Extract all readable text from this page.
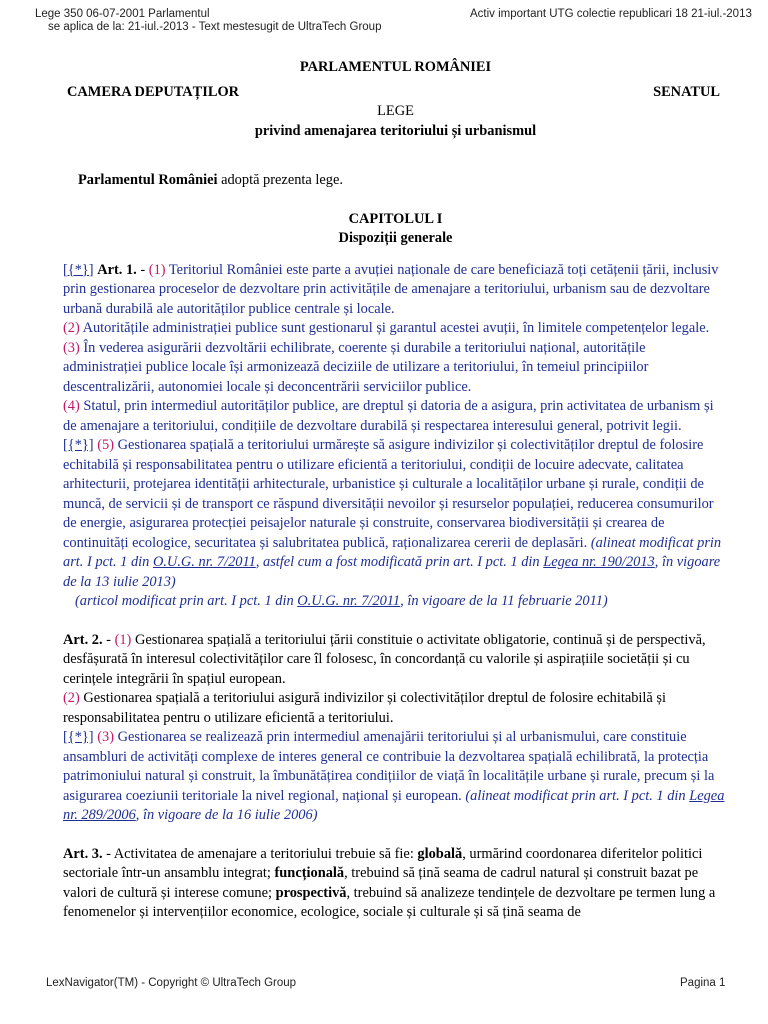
Lege 350 06-07-2001 Parlamentul
se aplica de la: 21-iul.-2013 - Text mestesugit de UltraTech Group
Activ important UTG colectie republicari 18 21-iul.-2013

PARLAMENTUL ROMÂNIEI

CAMERA DEPUTAȚILOR	SENATUL

LEGE

privind amenajarea teritoriului și urbanismul

Parlamentul României adoptă prezenta lege.

CAPITOLUL I

Dispoziții generale

[{*}] Art. 1. - (1) Teritoriul României este parte a avuției naționale de care beneficiază toți cetățenii țării, inclusiv prin gestionarea proceselor de dezvoltare prin activitățile de amenajare a teritoriului, urbanism sau de dezvoltare urbană durabilă ale autorităților publice centrale și locale.

(2) Autoritățile administrației publice sunt gestionarul și garantul acestei avuții, în limitele competențelor legale.

(3) În vederea asigurării dezvoltării echilibrate, coerente și durabile a teritoriului național, autoritățile administrației publice locale își armonizează deciziile de utilizare a teritoriului, în temeiul principiilor descentralizării, autonomiei locale și deconcentrării serviciilor publice.

(4) Statul, prin intermediul autorităților publice, are dreptul și datoria de a asigura, prin activitatea de urbanism și de amenajare a teritoriului, condițiile de dezvoltare durabilă și respectarea interesului general, potrivit legii.

[{*}] (5) Gestionarea spațială a teritoriului urmărește să asigure indivizilor și colectivităților dreptul de folosire echitabilă și responsabilitatea pentru o utilizare eficientă a teritoriului, condiții de locuire adecvate, calitatea arhitecturii, protejarea identității arhitecturale, urbanistice și culturale a localităților urbane și rurale, condiții de muncă, de servicii și de transport ce răspund diversității nevoilor și resurselor populației, reducerea consumurilor de energie, asigurarea protecției peisajelor naturale și construite, conservarea biodiversității și crearea de continuități ecologice, securitatea și salubritatea publică, raționalizarea cererii de deplasări. (alineat modificat prin art. I pct. 1 din O.U.G. nr. 7/2011, astfel cum a fost modificată prin art. I pct. 1 din Legea nr. 190/2013, în vigoare de la 13 iulie 2013)

(articol modificat prin art. I pct. 1 din O.U.G. nr. 7/2011, în vigoare de la 11 februarie 2011)

Art. 2. - (1) Gestionarea spațială a teritoriului țării constituie o activitate obligatorie, continuă și de perspectivă, desfășurată în interesul colectivităților care îl folosesc, în concordanță cu valorile și aspirațiile societății și cu cerințele integrării în spațiul european.

(2) Gestionarea spațială a teritoriului asigură indivizilor și colectivităților dreptul de folosire echitabilă și responsabilitatea pentru o utilizare eficientă a teritoriului.

[{*}] (3) Gestionarea se realizează prin intermediul amenajării teritoriului și al urbanismului, care constituie ansambluri de activități complexe de interes general ce contribuie la dezvoltarea spațială echilibrată, la protecția patrimoniului natural și construit, la îmbunătățirea condițiilor de viață în localitățile urbane și rurale, precum și la asigurarea coeziunii teritoriale la nivel regional, național și european. (alineat modificat prin art. I pct. 1 din Legea nr. 289/2006, în vigoare de la 16 iulie 2006)

Art. 3. - Activitatea de amenajare a teritoriului trebuie să fie: globală, urmărind coordonarea diferitelor politici sectoriale într-un ansamblu integrat; funcțională, trebuind să țină seama de cadrul natural și construit bazat pe valori de cultură și interese comune; prospectivă, trebuind să analizeze tendințele de dezvoltare pe termen lung a fenomenelor și intervențiilor economice, ecologice, sociale și culturale și să țină seama de

LexNavigator(TM) - Copyright © UltraTech Group	Pagina 1
